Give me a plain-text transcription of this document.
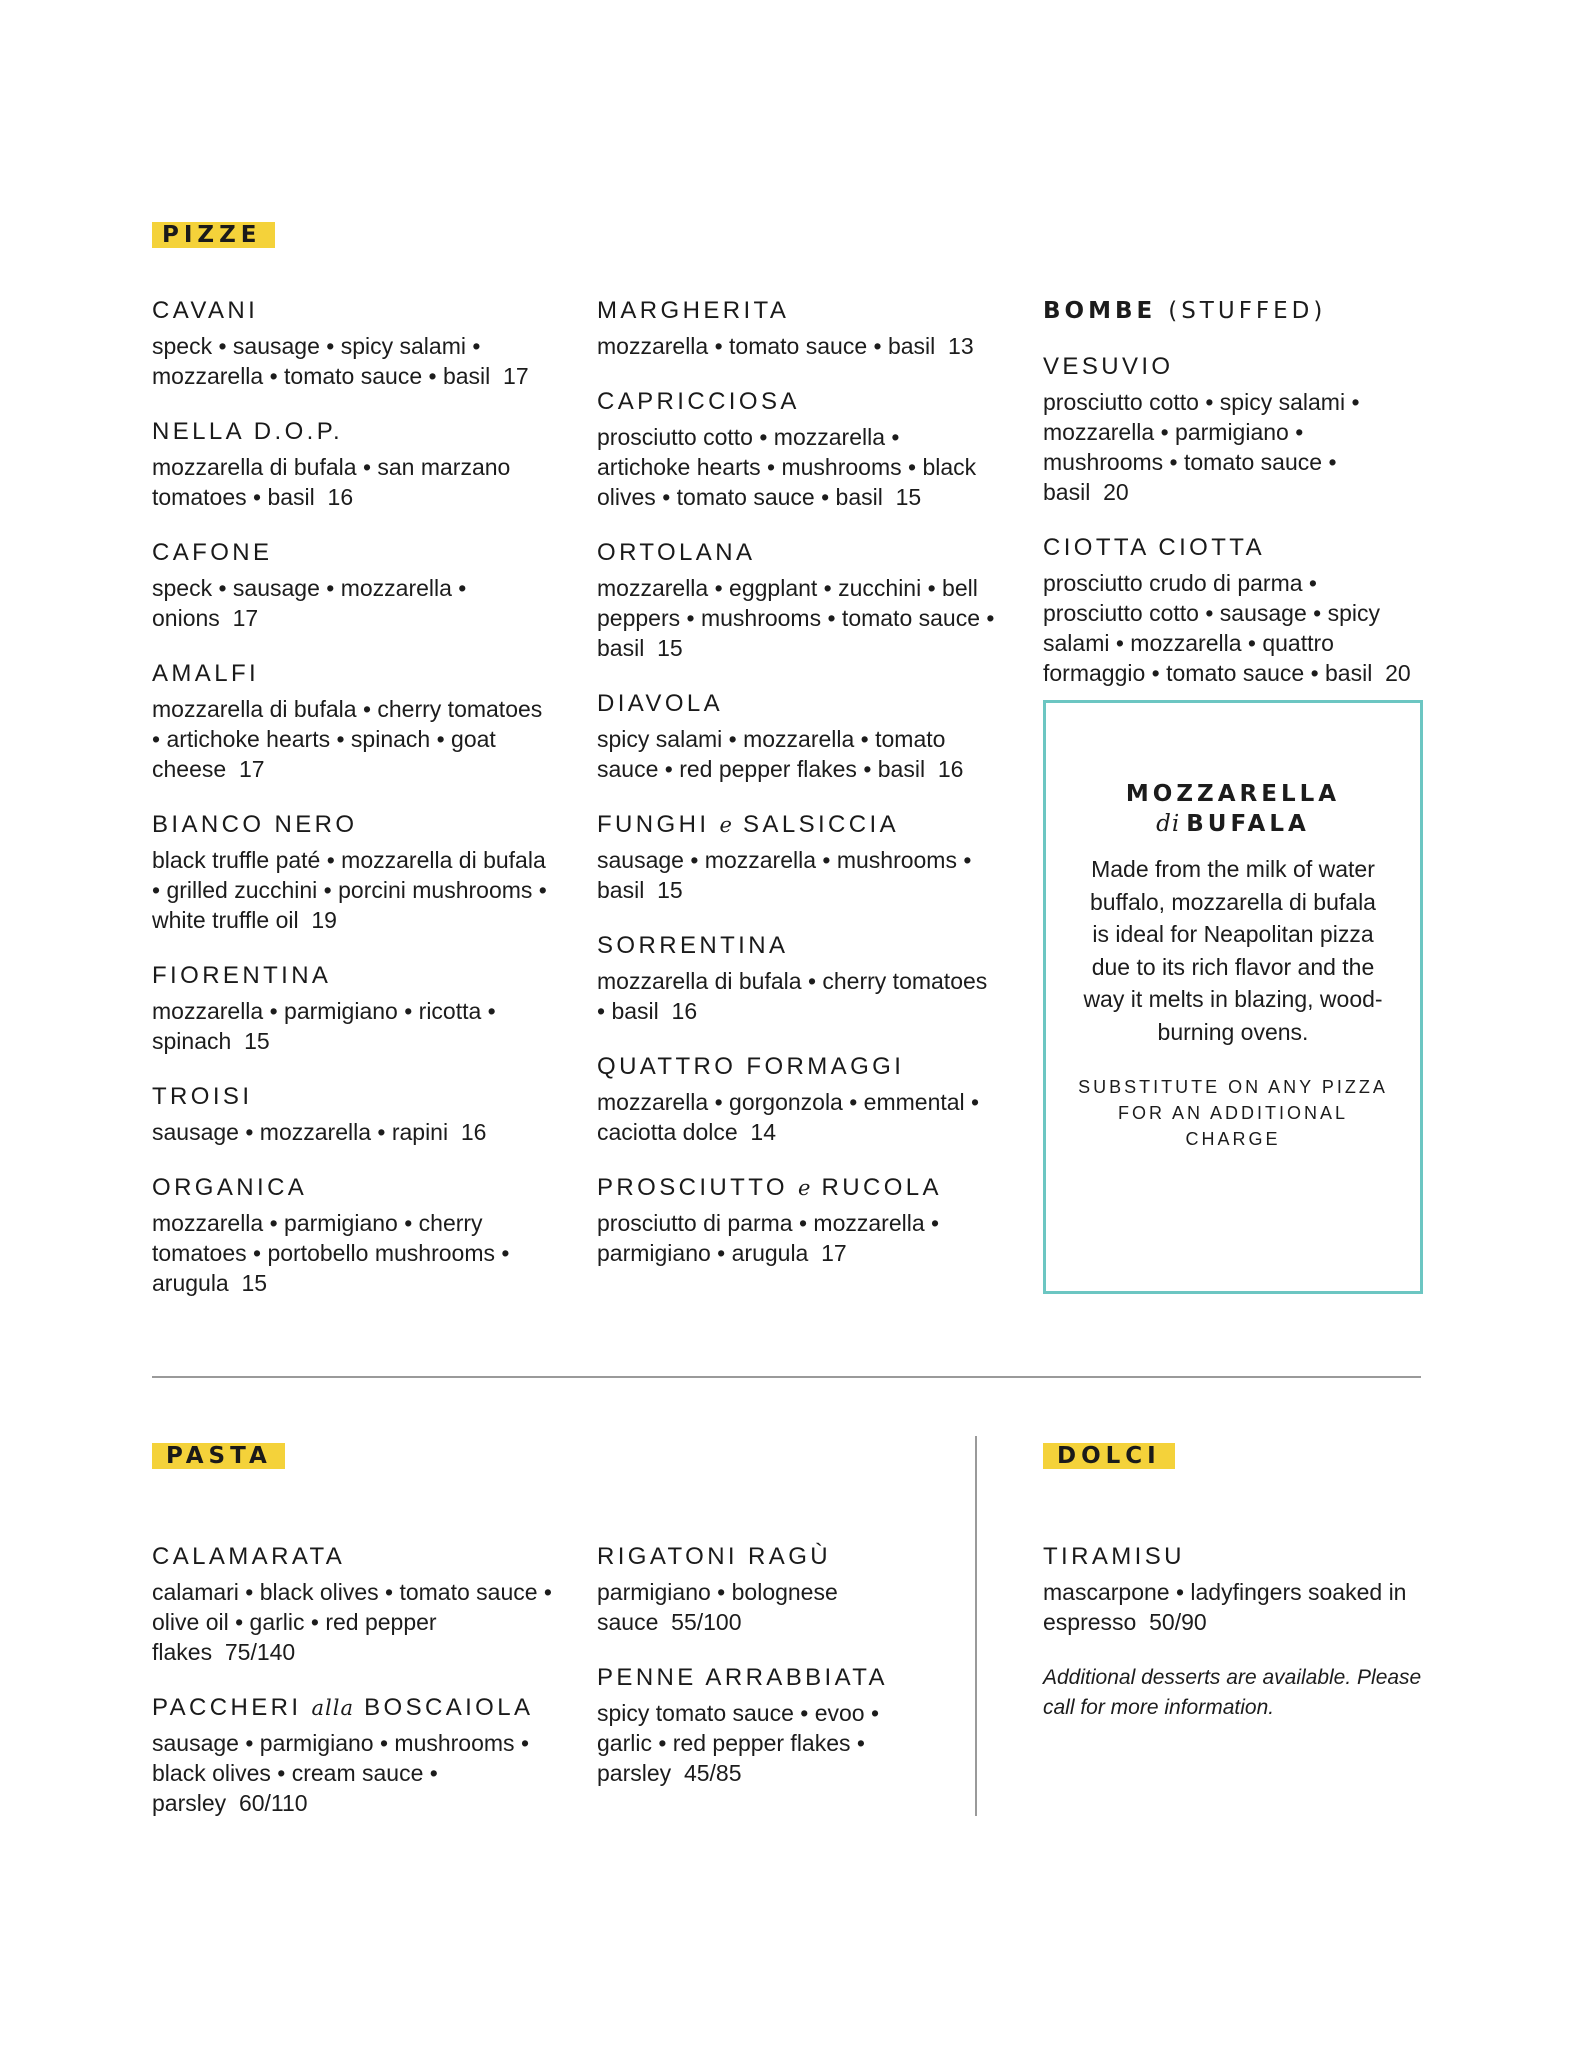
PIZZE
CAVANI
speck • sausage • spicy salami • mozzarella • tomato sauce • basil 17
NELLA D.O.P.
mozzarella di bufala • san marzano tomatoes • basil 16
CAFONE
speck • sausage • mozzarella • onions 17
AMALFI
mozzarella di bufala • cherry tomatoes • artichoke hearts • spinach • goat cheese 17
BIANCO NERO
black truffle paté • mozzarella di bufala • grilled zucchini • porcini mushrooms • white truffle oil 19
FIORENTINA
mozzarella • parmigiano • ricotta • spinach 15
TROISI
sausage • mozzarella • rapini 16
ORGANICA
mozzarella • parmigiano • cherry tomatoes • portobello mushrooms • arugula 15
MARGHERITA
mozzarella • tomato sauce • basil 13
CAPRICCIOSA
prosciutto cotto • mozzarella • artichoke hearts • mushrooms • black olives • tomato sauce • basil 15
ORTOLANA
mozzarella • eggplant • zucchini • bell peppers • mushrooms • tomato sauce • basil 15
DIAVOLA
spicy salami • mozzarella • tomato sauce • red pepper flakes • basil 16
FUNGHI e SALSICCIA
sausage • mozzarella • mushrooms • basil 15
SORRENTINA
mozzarella di bufala • cherry tomatoes • basil 16
QUATTRO FORMAGGI
mozzarella • gorgonzola • emmental • caciotta dolce 14
PROSCIUTTO e RUCOLA
prosciutto di parma • mozzarella • parmigiano • arugula 17
BOMBE (STUFFED)
VESUVIO
prosciutto cotto • spicy salami • mozzarella • parmigiano • mushrooms • tomato sauce • basil 20
CIOTTA CIOTTA
prosciutto crudo di parma • prosciutto cotto • sausage • spicy salami • mozzarella • quattro formaggio • tomato sauce • basil 20
MOZZARELLA
di BUFALA
Made from the milk of water buffalo, mozzarella di bufala is ideal for Neapolitan pizza due to its rich flavor and the way it melts in blazing, wood-burning ovens.
SUBSTITUTE ON ANY PIZZA FOR AN ADDITIONAL CHARGE
PASTA
CALAMARATA
calamari • black olives • tomato sauce • olive oil • garlic • red pepper flakes 75/140
PACCHERI alla BOSCAIOLA
sausage • parmigiano • mushrooms • black olives • cream sauce • parsley 60/110
RIGATONI RAGÙ
parmigiano • bolognese sauce 55/100
PENNE ARRABBIATA
spicy tomato sauce • evoo • garlic • red pepper flakes • parsley 45/85
DOLCI
TIRAMISU
mascarpone • ladyfingers soaked in espresso 50/90
Additional desserts are available. Please call for more information.
